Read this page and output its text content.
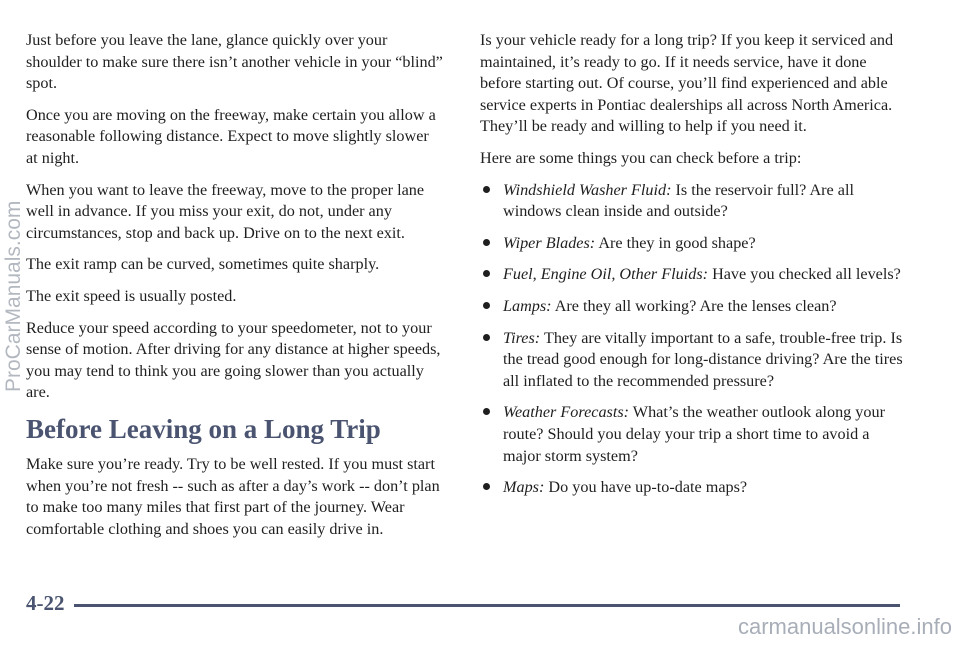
Just before you leave the lane, glance quickly over your shoulder to make sure there isn’t another vehicle in your “blind” spot.

Once you are moving on the freeway, make certain you allow a reasonable following distance. Expect to move slightly slower at night.

When you want to leave the freeway, move to the proper lane well in advance. If you miss your exit, do not, under any circumstances, stop and back up. Drive on to the next exit.

The exit ramp can be curved, sometimes quite sharply.

The exit speed is usually posted.

Reduce your speed according to your speedometer, not to your sense of motion. After driving for any distance at higher speeds, you may tend to think you are going slower than you actually are.

Before Leaving on a Long Trip

Make sure you’re ready. Try to be well rested. If you must start when you’re not fresh -- such as after a day’s work -- don’t plan to make too many miles that first part of the journey. Wear comfortable clothing and shoes you can easily drive in.

Is your vehicle ready for a long trip? If you keep it serviced and maintained, it’s ready to go. If it needs service, have it done before starting out. Of course, you’ll find experienced and able service experts in Pontiac dealerships all across North America. They’ll be ready and willing to help if you need it.

Here are some things you can check before a trip:

Windshield Washer Fluid: Is the reservoir full? Are all windows clean inside and outside?
Wiper Blades: Are they in good shape?
Fuel, Engine Oil, Other Fluids: Have you checked all levels?
Lamps: Are they all working? Are the lenses clean?
Tires: They are vitally important to a safe, trouble-free trip. Is the tread good enough for long-distance driving? Are the tires all inflated to the recommended pressure?
Weather Forecasts: What’s the weather outlook along your route? Should you delay your trip a short time to avoid a major storm system?
Maps: Do you have up-to-date maps?
4-22
ProCarManuals.com
carmanualsonline.info
